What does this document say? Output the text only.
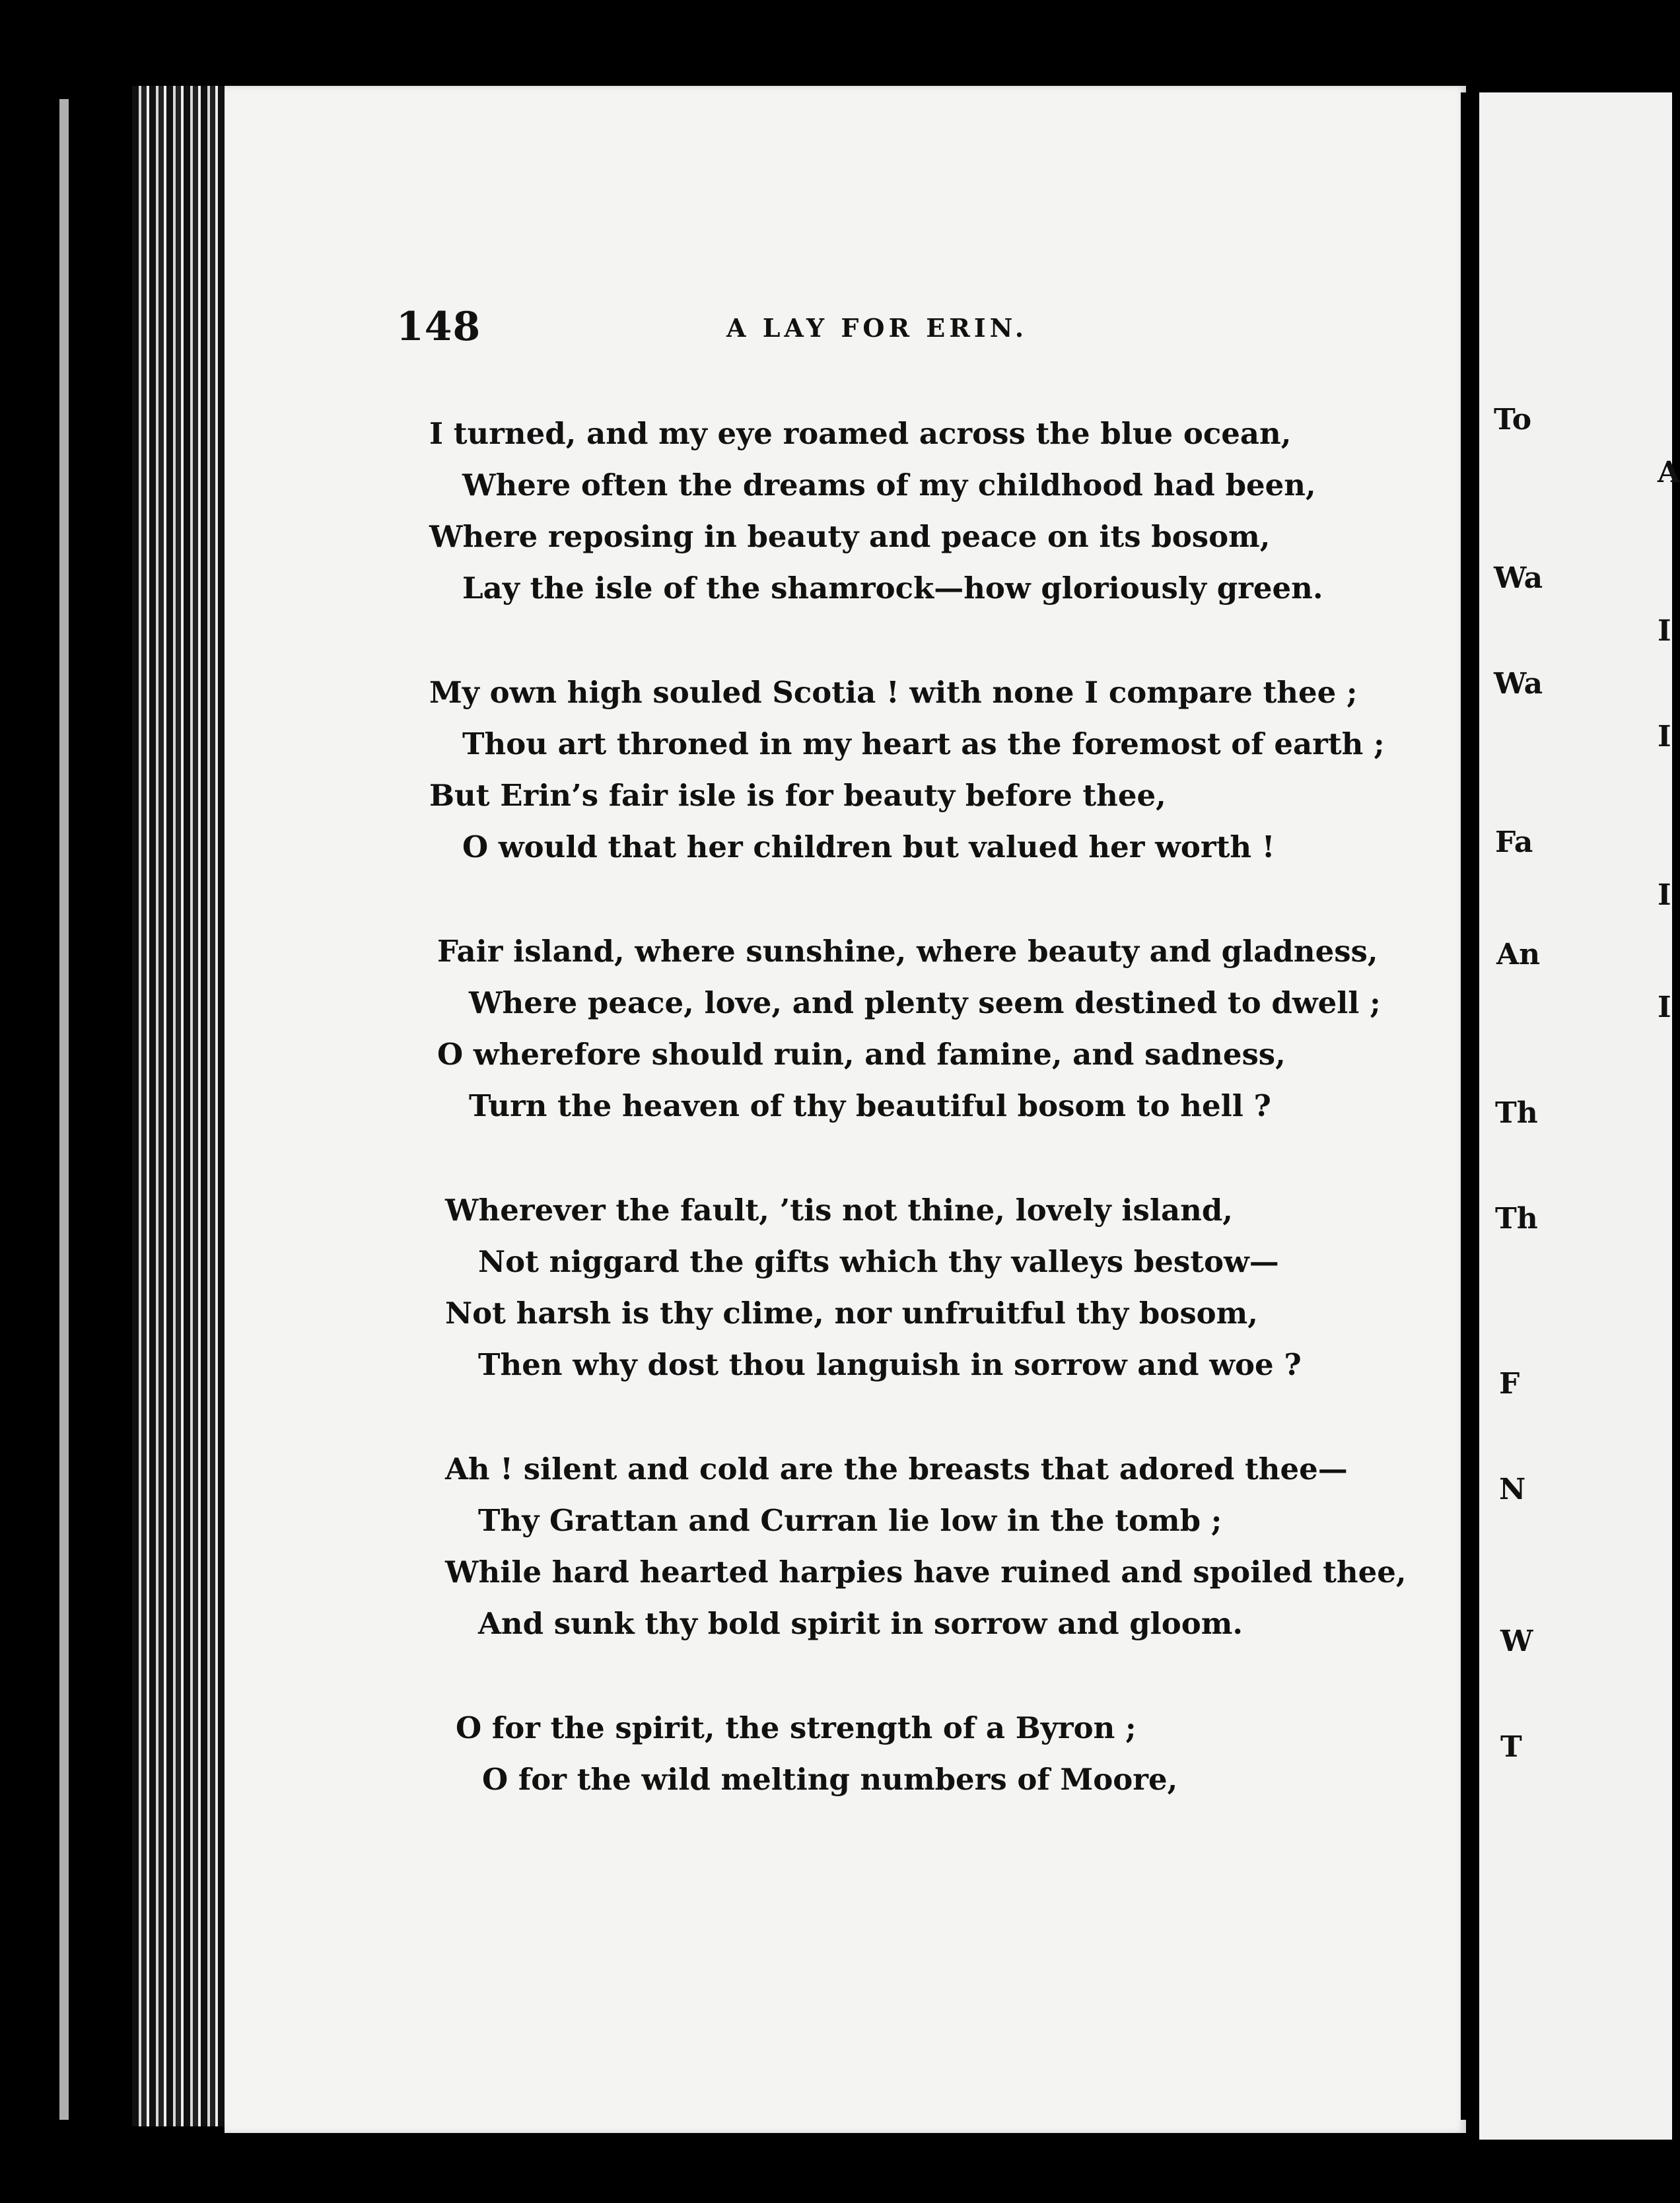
148	A LAY FOR ERIN.
I turned, and my eye roamed across the blue ocean,
Where often the dreams of my childhood had been,
Where reposing in beauty and peace on its bosom,
Lay the isle of the shamrock—how gloriously green.
My own high souled Scotia ! with none I compare thee ;
Thou art throned in my heart as the foremost of earth ;
But Erin’s fair isle is for beauty before thee,
O would that her children but valued her worth !
Fair island, where sunshine, where beauty and gladness,
Where peace, love, and plenty seem destined to dwell ;
O wherefore should ruin, and famine, and sadness,
Turn the heaven of thy beautiful bosom to hell ?
Wherever the fault, ’tis not thine, lovely island,
Not niggard the gifts which thy valleys bestow—
Not harsh is thy clime, nor unfruitful thy bosom,
Then why dost thou languish in sorrow and woe ?
Ah ! silent and cold are the breasts that adored thee—
Thy Grattan and Curran lie low in the tomb ;
While hard hearted harpies have ruined and spoiled thee,
And sunk thy bold spirit in sorrow and gloom.
O for the spirit, the strength of a Byron ;
O for the wild melting numbers of Moore,
To
A
Wa
I
Wa
I
Fa
I
An
I
Th
Th
F
N
W
T
